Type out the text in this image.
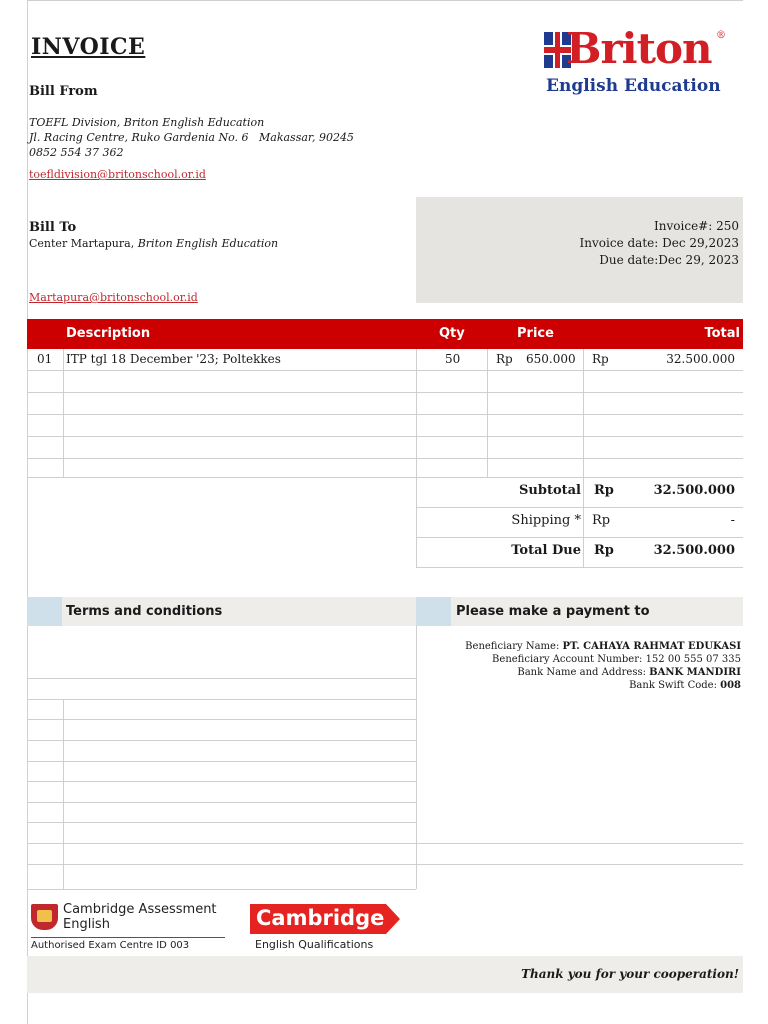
INVOICE	Briton ®
English Education
Bill From
TOEFL Division, Briton English Education
Jl. Racing Centre, Ruko Gardenia No. 6   Makassar, 90245
0852 554 37 362
toefldivision@britonschool.or.id
Bill To
Center Martapura, Briton English Education
Martapura@britonschool.or.id
Invoice#: 250
Invoice date: Dec 29,2023
Due date:Dec 29, 2023
Description	Qty	Price	Total
01 ITP tgl 18 December '23; Poltekkes	50	Rp 650.000 Rp	32.500.000
Subtotal Rp	32.500.000
Shipping * Rp	-
Total Due Rp	32.500.000
Terms and conditions	Please make a payment to
Beneficiary Name: PT. CAHAYA RAHMAT EDUKASI
Beneficiary Account Number: 152 00 555 07 335
Bank Name and Address: BANK MANDIRI
Bank Swift Code: 008
Cambridge Assessment
English
Authorised Exam Centre ID 003
Cambridge
English Qualifications
Thank you for your cooperation!
